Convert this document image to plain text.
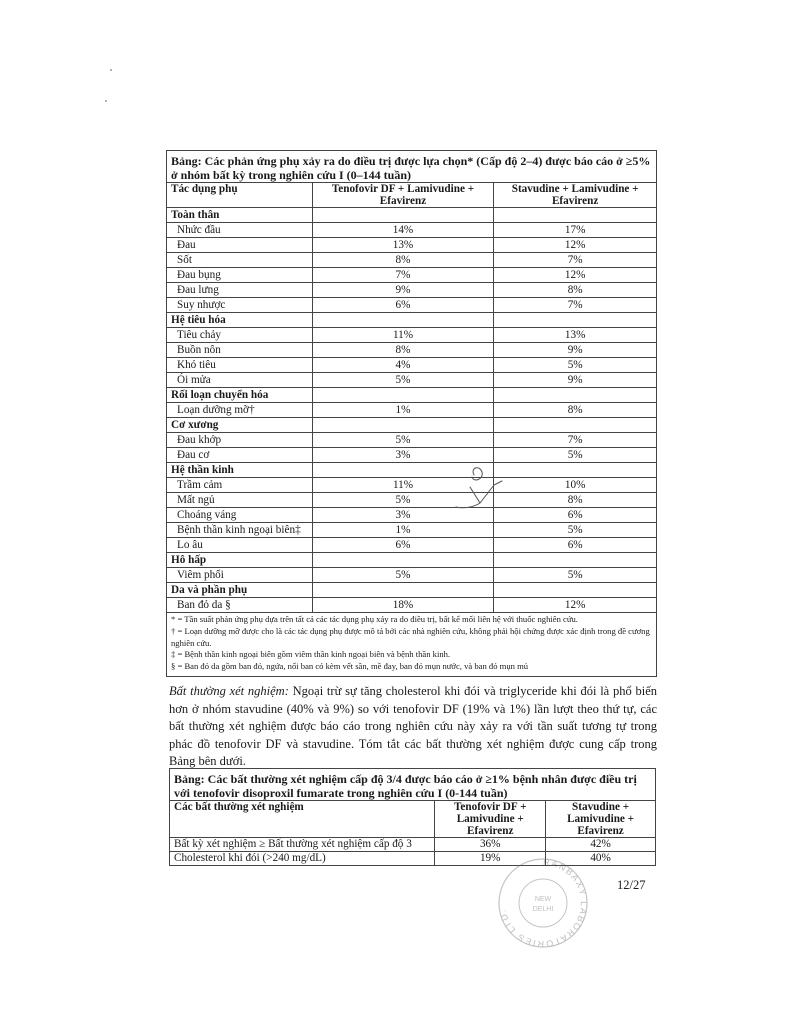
Bảng: Các phản ứng phụ xảy ra do điều trị được lựa chọn* (Cấp độ 2–4) được báo cáo ở ≥5% ở nhóm bất kỳ trong nghiên cứu I (0–144 tuần)		
Tác dụng phụ	Tenofovir DF + Lamivudine + Efavirenz	Stavudine + Lamivudine + Efavirenz
Toàn thân		
Nhức đầu	14%	17%
Đau	13%	12%
Sốt	8%	7%
Đau bụng	7%	12%
Đau lưng	9%	8%
Suy nhược	6%	7%
Hệ tiêu hóa		
Tiêu chảy	11%	13%
Buồn nôn	8%	9%
Khó tiêu	4%	5%
Ói mửa	5%	9%
Rối loạn chuyển hóa		
Loạn dưỡng mỡ†	1%	8%
Cơ xương		
Đau khớp	5%	7%
Đau cơ	3%	5%
Hệ thần kinh		
Trầm cảm	11%	10%
Mất ngủ	5%	8%
Choáng váng	3%	6%
Bệnh thần kinh ngoại biên‡	1%	5%
Lo âu	6%	6%
Hô hấp		
Viêm phổi	5%	5%
Da và phần phụ		
Ban đỏ da §	18%	12%

* = Tần suất phản ứng phụ dựa trên tất cả các tác dụng phụ xảy ra do điều trị, bất kể mối liên hệ với thuốc nghiên cứu.
† = Loạn dưỡng mỡ được cho là các tác dụng phụ được mô tả bởi các nhà nghiên cứu, không phải hội chứng được xác định trong đề cương nghiên cứu.
‡ = Bệnh thần kinh ngoại biên gồm viêm thần kinh ngoại biên và bệnh thần kinh.
§ = Ban đỏ da gồm ban đỏ, ngứa, nổi ban có kèm vết sần, mề đay, ban đỏ mụn nước, và ban đỏ mụn mủ		

Bất thường xét nghiệm: Ngoại trừ sự tăng cholesterol khi đói và triglyceride khi đói là phổ biến hơn ở nhóm stavudine (40% và 9%) so với tenofovir DF (19% và 1%) lần lượt theo thứ tự, các bất thường xét nghiệm được báo cáo trong nghiên cứu này xảy ra với tần suất tương tự trong phác đồ tenofovir DF và stavudine. Tóm tắt các bất thường xét nghiệm được cung cấp trong Bảng bên dưới.

Bảng: Các bất thường xét nghiệm cấp độ 3/4 được báo cáo ở ≥1% bệnh nhân được điều trị với tenofovir disoproxil fumarate trong nghiên cứu I (0-144 tuần)		
Các bất thường xét nghiệm	Tenofovir DF + Lamivudine + Efavirenz	Stavudine + Lamivudine + Efavirenz
Bất kỳ xét nghiệm ≥ Bất thường xét nghiệm cấp độ 3	36%	42%
Cholesterol khi đói (>240 mg/dL)	19%	40%
RANBAXY LABORATORIES LTD.
NEW
DELHI
12/27
